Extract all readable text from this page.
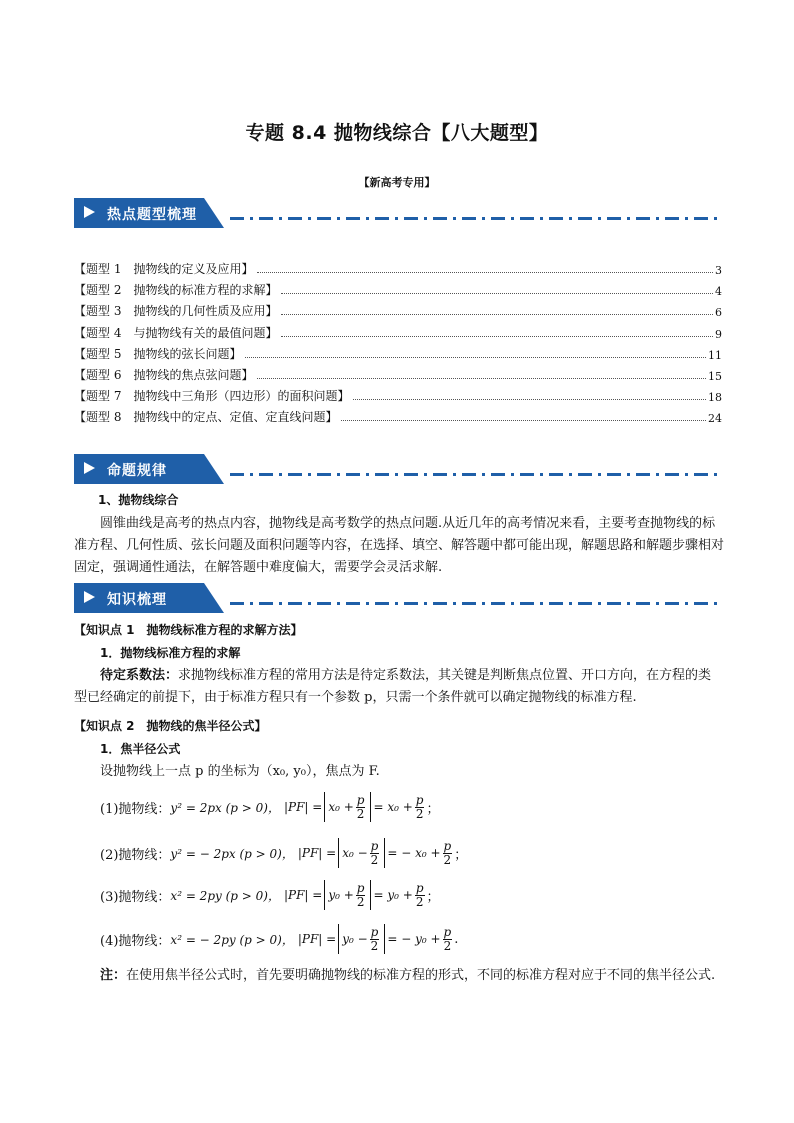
专题 8.4 抛物线综合【八大题型】
【新高考专用】
热点题型梳理
【题型 1　抛物线的定义及应用】	3
【题型 2　抛物线的标准方程的求解】	4
【题型 3　抛物线的几何性质及应用】	6
【题型 4　与抛物线有关的最值问题】	9
【题型 5　抛物线的弦长问题】	11
【题型 6　抛物线的焦点弦问题】	15
【题型 7　抛物线中三角形（四边形）的面积问题】	18
【题型 8　抛物线中的定点、定值、定直线问题】	24
命题规律
1、抛物线综合
圆锥曲线是高考的热点内容，抛物线是高考数学的热点问题.从近几年的高考情况来看，主要考查抛物线的标准方程、几何性质、弦长问题及面积问题等内容，在选择、填空、解答题中都可能出现，解题思路和解题步骤相对固定，强调通性通法，在解答题中难度偏大，需要学会灵活求解.
知识梳理
【知识点 1　抛物线标准方程的求解方法】
1．抛物线标准方程的求解
待定系数法：求抛物线标准方程的常用方法是待定系数法，其关键是判断焦点位置、开口方向，在方程的类型已经确定的前提下，由于标准方程只有一个参数 p，只需一个条件就可以确定抛物线的标准方程.
【知识点 2　抛物线的焦半径公式】
1．焦半径公式
设抛物线上一点 p 的坐标为（x₀, y₀），焦点为 F.
(1)抛物线： y² = 2px (p > 0)， $|PF| = x_0 + \frac{p}{2} = x_0 + \frac{p}{2}$ ；
(2)抛物线： y² = − 2px (p > 0)， $|PF| = x_0 - \frac{p}{2}$ = − $x_0 + \frac{p}{2}$ ；
(3)抛物线： x² = 2py (p > 0)， $|PF| = y_0 + \frac{p}{2} = y_0 + \frac{p}{2}$ ；
(4)抛物线： x² = − 2py (p > 0)， $|PF| = y_0 - \frac{p}{2}$ = − $y_0 + \frac{p}{2}$ .
注：在使用焦半径公式时，首先要明确抛物线的标准方程的形式，不同的标准方程对应于不同的焦半径公式.
